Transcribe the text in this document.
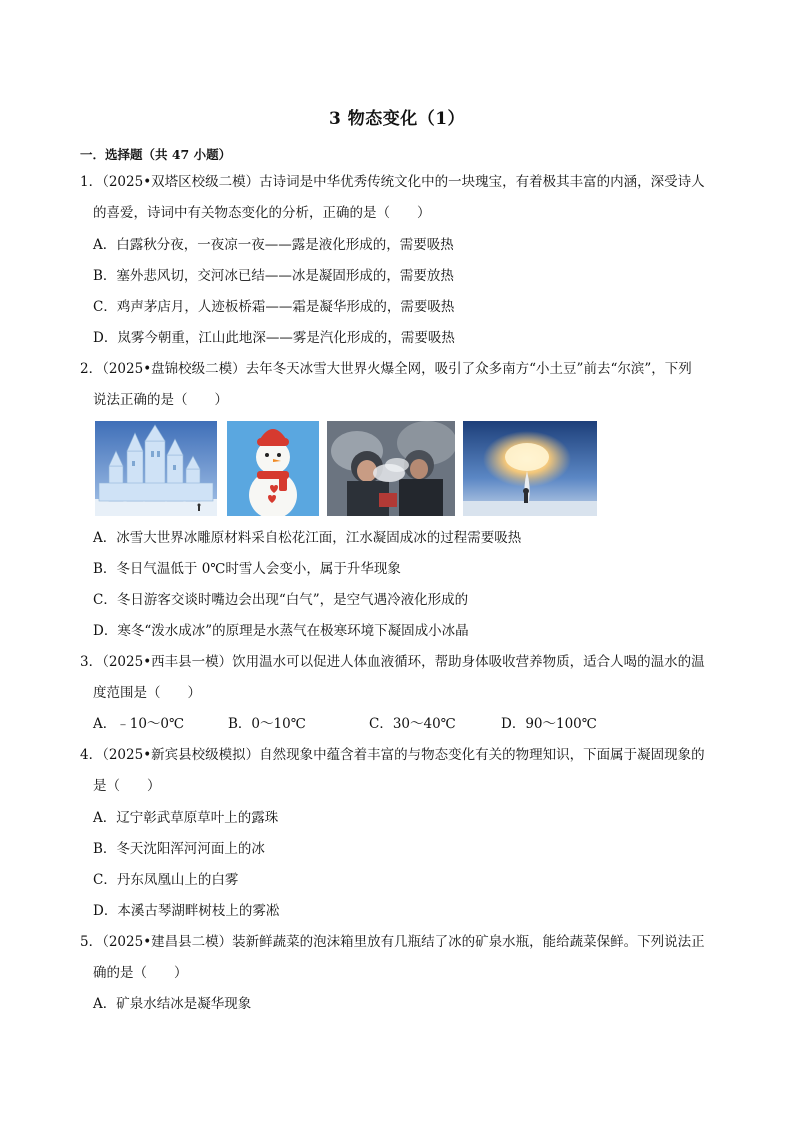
3 物态变化（1）
一．选择题（共 47 小题）
1．（2025•双塔区校级二模）古诗词是中华优秀传统文化中的一块瑰宝，有着极其丰富的内涵，深受诗人
的喜爱，诗词中有关物态变化的分析，正确的是（　　）
A．白露秋分夜，一夜凉一夜——露是液化形成的，需要吸热
B．塞外悲风切，交河冰已结——冰是凝固形成的，需要放热
C．鸡声茅店月，人迹板桥霜——霜是凝华形成的，需要吸热
D．岚雾今朝重，江山此地深——雾是汽化形成的，需要吸热
2．（2025•盘锦校级二模）去年冬天冰雪大世界火爆全网，吸引了众多南方“小土豆”前去“尔滨”，下列
说法正确的是（　　）
A．冰雪大世界冰雕原材料采自松花江面，江水凝固成冰的过程需要吸热
B．冬日气温低于 0℃时雪人会变小，属于升华现象
C．冬日游客交谈时嘴边会出现“白气”，是空气遇冷液化形成的
D．寒冬“泼水成冰”的原理是水蒸气在极寒环境下凝固成小冰晶
3．（2025•西丰县一模）饮用温水可以促进人体血液循环，帮助身体吸收营养物质，适合人喝的温水的温
度范围是（　　）
A．﹣10～0℃	B．0～10℃	C．30～40℃	D．90～100℃
4．（2025•新宾县校级模拟）自然现象中蕴含着丰富的与物态变化有关的物理知识，下面属于凝固现象的
是（　　）
A．辽宁彰武草原草叶上的露珠
B．冬天沈阳浑河河面上的冰
C．丹东凤凰山上的白雾
D．本溪古琴湖畔树枝上的雾凇
5．（2025•建昌县二模）装新鲜蔬菜的泡沫箱里放有几瓶结了冰的矿泉水瓶，能给蔬菜保鲜。下列说法正
确的是（　　）
A．矿泉水结冰是凝华现象
